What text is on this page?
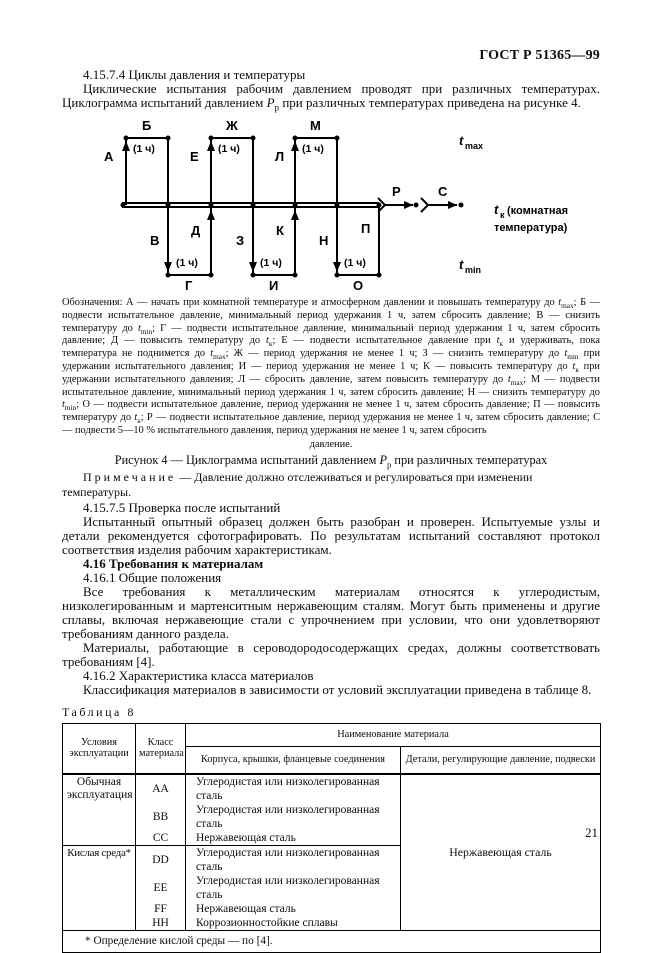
ГОСТ Р 51365—99
4.15.7.4 Циклы давления и температуры
Циклические испытания рабочим давлением проводят при различных температурах. Циклограмма испытаний давлением $P_р$ при различных температурах приведена на рисунке 4.
А
Б	Ж	М
Е	Л
В	З	Н
Д	К	П
Г	И	О
Р	С
(1 ч)	(1 ч)	(1 ч)
(1 ч)	(1 ч)	(1 ч)
t max
t к (комнатная
температура)
t min
Обозначения: А — начать при комнатной температуре и атмосферном давлении и повышать температуру до $t_{max}$; Б — подвести испытательное давление, минимальный период удержания 1 ч, затем сбросить давление; В — снизить температуру до $t_{min}$; Г — подвести испытательное давление, минимальный период удержания 1 ч, затем сбросить давление; Д — повысить температуру до $t_к$; Е — подвести испытательное давление при $t_к$ и удерживать, пока температура не поднимется до $t_{max}$; Ж — период удержания не менее 1 ч; З — снизить температуру до $t_{min}$ при удержании испытательного давления; И — период удержания не менее 1 ч; К — повысить температуру до $t_к$ при удержании испытательного давления; Л — сбросить давление, затем повысить температуру до $t_{max}$; М — подвести испытательное давление, минимальный период удержания 1 ч, затем сбросить давление; Н — снизить температуру до $t_{min}$; О — подвести испытательное давление, период удержания не менее 1 ч, затем сбросить давление; П — повысить температуру до $t_к$; Р — подвести испытательное давление, период удержания не менее 1 ч, затем сбросить давление; С — подвести 5—10 % испытательного давления, период удержания не менее 1 ч, затем сбросить
давление.
Рисунок 4 — Циклограмма испытаний давлением $P_р$ при различных температурах
Примечание — Давление должно отслеживаться и регулироваться при изменении температуры.
4.15.7.5 Проверка после испытаний
Испытанный опытный образец должен быть разобран и проверен. Испытуемые узлы и детали рекомендуется сфотографировать. По результатам испытаний составляют протокол соответствия изделия рабочим характеристикам.
4.16 Требования к материалам
4.16.1 Общие положения
Все требования к металлическим материалам относятся к углеродистым, низколегированным и мартенситным нержавеющим сталям. Могут быть применены и другие сплавы, включая нержавеющие стали с упрочнением при условии, что они удовлетворяют требованиям данного раздела.
Материалы, работающие в сероводородосодержащих средах, должны соответствовать требованиям [4].
4.16.2 Характеристика класса материалов
Классификация материалов в зависимости от условий эксплуатации приведена в таблице 8.
Таблица 8
Условия эксплуатации	Класс материала	Наименование материала	
		Корпуса, крышки, фланцевые соединения	Детали, регулирующие давление, подвески
Обычная эксплуатация	АА	Углеродистая или низколегированная сталь	Нержавеющая сталь
	ВВ	Углеродистая или низколегированная сталь	
	СС	Нержавеющая сталь	
Кислая среда*	DD	Углеродистая или низколегированная сталь	
	ЕЕ	Углеродистая или низколегированная сталь	
	FF	Нержавеющая сталь	
	НН	Коррозионностойкие сплавы	
* Определение кислой среды — по [4].			
21
